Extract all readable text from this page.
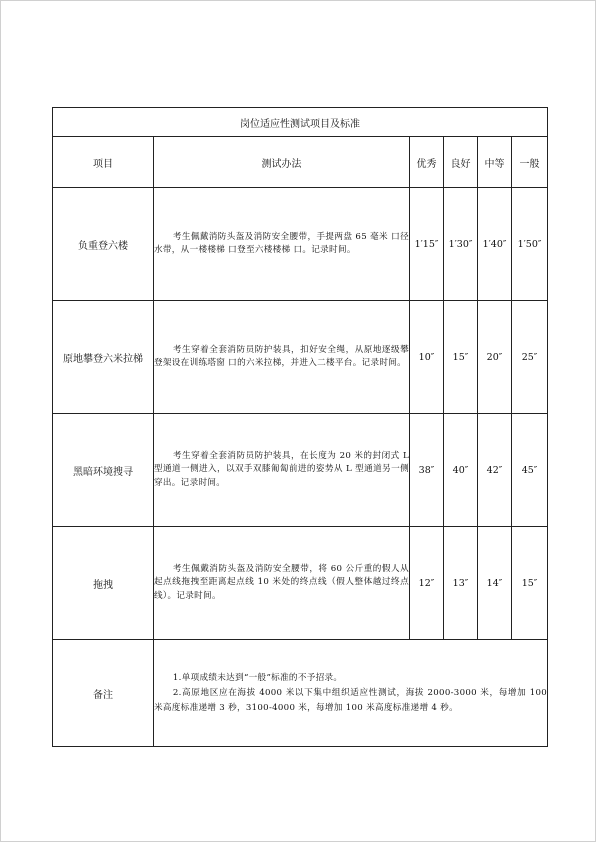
岗位适应性测试项目及标准					
项目	测试办法	优秀	良好	中等	一般
负重登六楼	考生佩戴消防头盔及消防安全腰带，手提两盘 65 毫米 口径水带，从一楼楼梯 口登至六楼楼梯 口。记录时间。	1′15″	1′30″	1′40″	1′50″
原地攀登六米拉梯	考生穿着全套消防员防护装具，扣好安全绳，从原地逐级攀登架设在训练塔窗 口的六米拉梯，并进入二楼平台。记录时间。	10″	15″	20″	25″
黑暗环境搜寻	考生穿着全套消防员防护装具，在长度为 20 米的封闭式 L 型通道一侧进入，以双手双膝匍匐前进的姿势从 L 型通道另一侧穿出。记录时间。	38″	40″	42″	45″
拖拽	考生佩戴消防头盔及消防安全腰带，将 60 公斤重的假人从起点线拖拽至距离起点线 10 米处的终点线（假人整体越过终点线）。记录时间。	12″	13″	14″	15″
备注	1.单项成绩未达到“一般”标准的不予招录。

2.高原地区应在海拔 4000 米以下集中组织适应性测试，海拔 2000-3000 米，每增加 100 米高度标准递增 3 秒，3100-4000 米，每增加 100 米高度标准递增 4 秒。				
